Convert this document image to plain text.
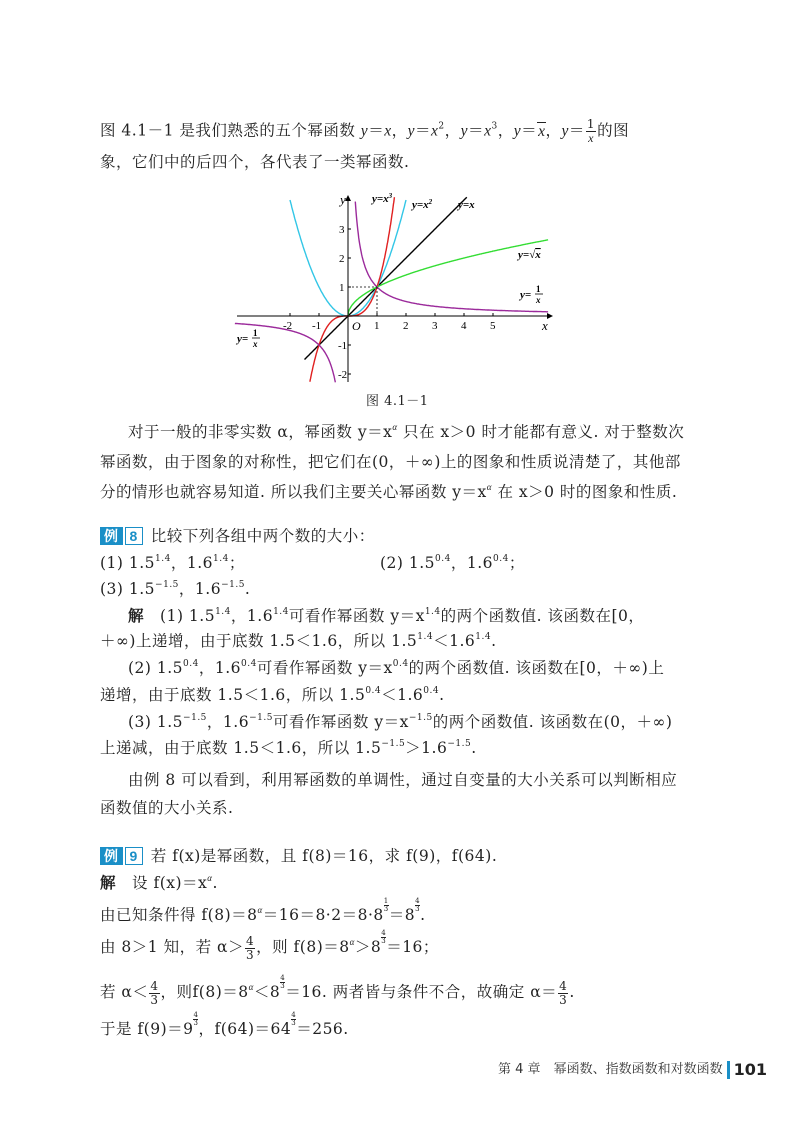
图 4.1－1 是我们熟悉的五个幂函数 y＝x，$y=x^2$，$y=x^3$，y＝x，$y= \frac{1}{x}$ 的图
象，它们中的后四个，各代表了一类幂函数.
-2 -1	1 2 3 4 5
3
2
1
-1
-2
y
x
O
$y=x^3$
$y=x^2$ y=x
y=√x
y= 1
x
y= 1
x
图 4.1－1
对于一般的非零实数 α，幂函数 $y=x^\alpha$ 只在 x＞0 时才能都有意义. 对于整数次
幂函数，由于图象的对称性，把它们在(0，＋∞)上的图象和性质说清楚了，其他部
分的情形也就容易知道. 所以我们主要关心幂函数 $y=x^\alpha$ 在 x＞0 时的图象和性质.
例 8 比较下列各组中两个数的大小：
(1) $1.5^{1.4}$，$1.6^{1.4}$；	(2) $1.5^{0.4}$，$1.6^{0.4}$；
(3) $1.5^{-1.5}$，$1.6^{-1.5}$.
解　 (1) $1.5^{1.4}$，$1.6^{1.4}$可看作幂函数 $y=x^{1.4}$的两个函数值. 该函数在[0，
＋∞)上递增，由于底数 1.5＜1.6，所以 $1.5^{1.4}<1.6^{1.4}$.
(2) $1.5^{0.4}$，$1.6^{0.4}$可看作幂函数 $y=x^{0.4}$的两个函数值. 该函数在[0，＋∞)上
递增，由于底数 1.5＜1.6，所以 $1.5^{0.4}<1.6^{0.4}$.
(3) $1.5^{-1.5}$，$1.6^{-1.5}$可看作幂函数 $y=x^{-1.5}$的两个函数值. 该函数在(0，＋∞)
上递减，由于底数 1.5＜1.6，所以 $1.5^{-1.5}>1.6^{-1.5}$.
由例 8 可以看到，利用幂函数的单调性，通过自变量的大小关系可以判断相应
函数值的大小关系.
例 9 若 f(x)是幂函数，且 f(8)＝16，求 f(9)，f(64).
解　 设 $f(x)=x^\alpha$.
由已知条件得 $f(8)=8^\alpha=16=8\cdot 2=8\cdot 8$
$\frac{1}{3}=8$
$\frac{4}{3}$.
由 8＞1 知，若 $\alpha> \frac{4}{3}$ ，则 $f(8)=8^\alpha>8$
$\frac{4}{3}=16$；
若 $\alpha< \frac{4}{3}$ ，则$f(8)=8^\alpha<8$
$\frac{4}{3}=16$. 两者皆与条件不合，故确定 $\alpha= \frac{4}{3}$ .
于是 f(9)＝9
$\frac{4}{3}$，f(64)＝64
$\frac{4}{3}=256$.
第 4 章　 幂函数、指数函数和对数函数 101
